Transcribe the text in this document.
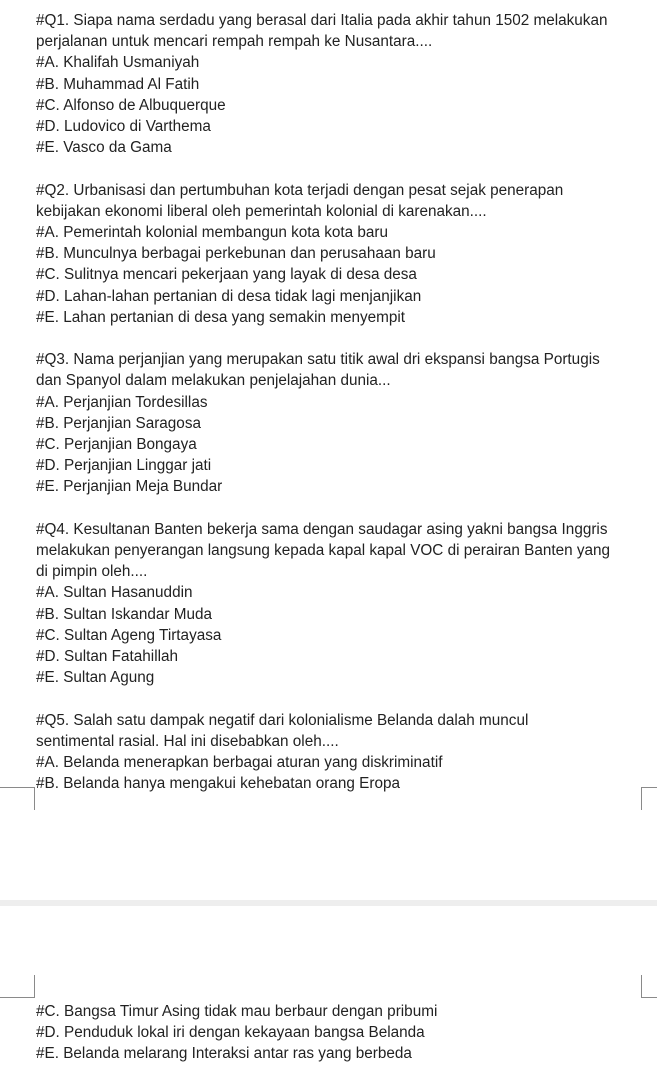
#Q1. Siapa nama serdadu yang berasal dari Italia pada akhir tahun 1502 melakukan

perjalanan untuk mencari rempah rempah ke Nusantara....

#A. Khalifah Usmaniyah

#B. Muhammad Al Fatih

#C. Alfonso de Albuquerque

#D. Ludovico di Varthema

#E. Vasco da Gama

#Q2. Urbanisasi dan pertumbuhan kota terjadi dengan pesat sejak penerapan

kebijakan ekonomi liberal oleh pemerintah kolonial di karenakan....

#A. Pemerintah kolonial membangun kota kota baru

#B. Munculnya berbagai perkebunan dan perusahaan baru

#C. Sulitnya mencari pekerjaan yang layak di desa desa

#D. Lahan-lahan pertanian di desa tidak lagi menjanjikan

#E. Lahan pertanian di desa yang semakin menyempit

#Q3. Nama perjanjian yang merupakan satu titik awal dri ekspansi bangsa Portugis

dan Spanyol dalam melakukan penjelajahan dunia...

#A. Perjanjian Tordesillas

#B. Perjanjian Saragosa

#C. Perjanjian Bongaya

#D. Perjanjian Linggar jati

#E. Perjanjian Meja Bundar

#Q4. Kesultanan Banten bekerja sama dengan saudagar asing yakni bangsa Inggris

melakukan penyerangan langsung kepada kapal kapal VOC di perairan Banten yang

di pimpin oleh....

#A. Sultan Hasanuddin

#B. Sultan Iskandar Muda

#C. Sultan Ageng Tirtayasa

#D. Sultan Fatahillah

#E. Sultan Agung

#Q5. Salah satu dampak negatif dari kolonialisme Belanda dalah muncul

sentimental rasial. Hal ini disebabkan oleh....

#A. Belanda menerapkan berbagai aturan yang diskriminatif

#B. Belanda hanya mengakui kehebatan orang Eropa

#C. Bangsa Timur Asing tidak mau berbaur dengan pribumi

#D. Penduduk lokal iri dengan kekayaan bangsa Belanda

#E. Belanda melarang Interaksi antar ras yang berbeda
